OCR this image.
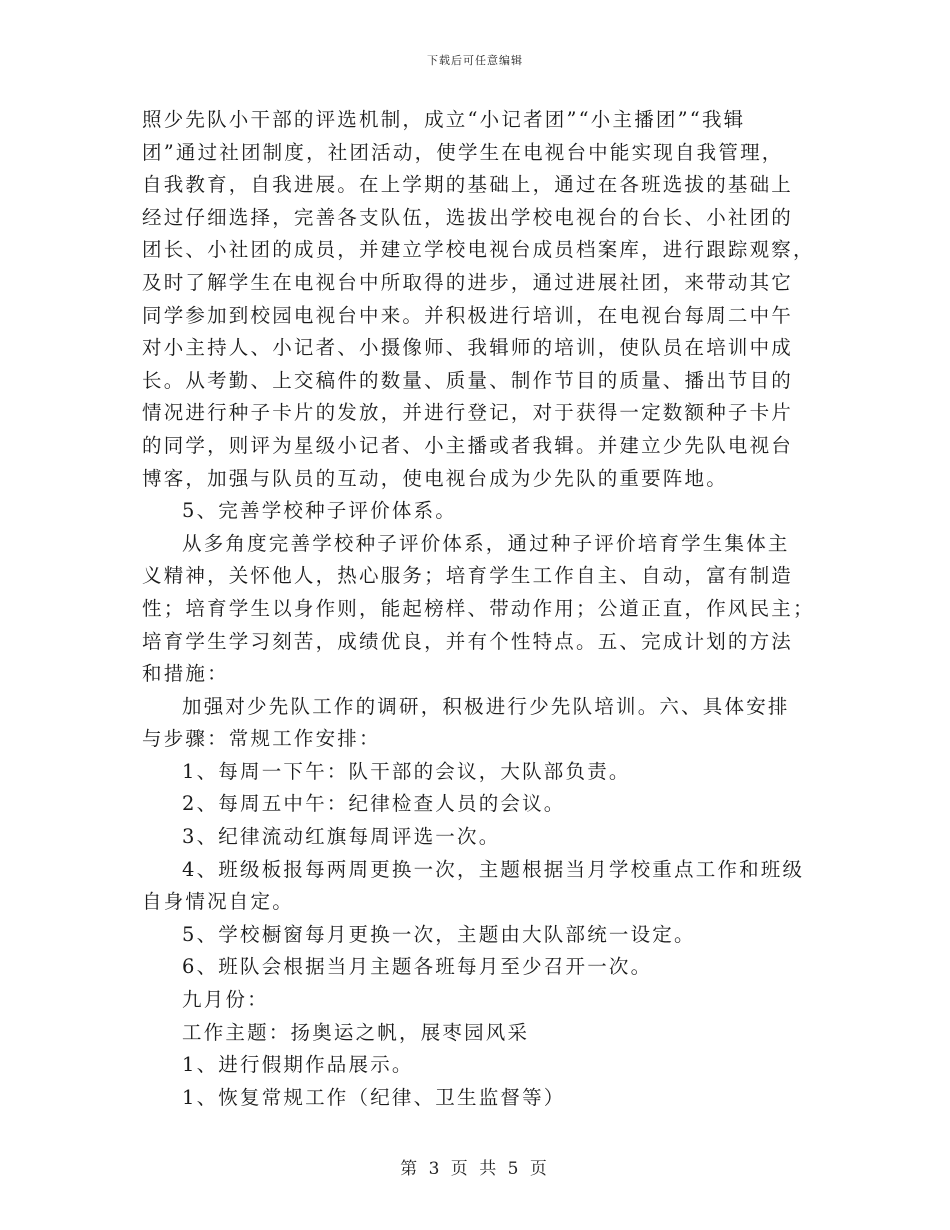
下载后可任意编辑
照少先队小干部的评选机制，成立“小记者团”“小主播团”“我辑
团”通过社团制度，社团活动，使学生在电视台中能实现自我管理，
自我教育，自我进展。在上学期的基础上，通过在各班选拔的基础上
经过仔细选择，完善各支队伍，选拔出学校电视台的台长、小社团的
团长、小社团的成员，并建立学校电视台成员档案库，进行跟踪观察，
及时了解学生在电视台中所取得的进步，通过进展社团，来带动其它
同学参加到校园电视台中来。并积极进行培训，在电视台每周二中午
对小主持人、小记者、小摄像师、我辑师的培训，使队员在培训中成
长。从考勤、上交稿件的数量、质量、制作节目的质量、播出节目的
情况进行种子卡片的发放，并进行登记，对于获得一定数额种子卡片
的同学，则评为星级小记者、小主播或者我辑。并建立少先队电视台
博客，加强与队员的互动，使电视台成为少先队的重要阵地。
5、完善学校种子评价体系。
从多角度完善学校种子评价体系，通过种子评价培育学生集体主
义精神，关怀他人，热心服务；培育学生工作自主、自动，富有制造
性；培育学生以身作则，能起榜样、带动作用；公道正直，作风民主；
培育学生学习刻苦，成绩优良，并有个性特点。五、完成计划的方法
和措施：
加强对少先队工作的调研，积极进行少先队培训。六、具体安排
与步骤：常规工作安排：
1、每周一下午：队干部的会议，大队部负责。
2、每周五中午：纪律检查人员的会议。
3、纪律流动红旗每周评选一次。
4、班级板报每两周更换一次，主题根据当月学校重点工作和班级
自身情况自定。
5、学校橱窗每月更换一次，主题由大队部统一设定。
6、班队会根据当月主题各班每月至少召开一次。
九月份：
工作主题：扬奥运之帆，展枣园风采
1、进行假期作品展示。
1、恢复常规工作（纪律、卫生监督等）
第 3 页 共 5 页
